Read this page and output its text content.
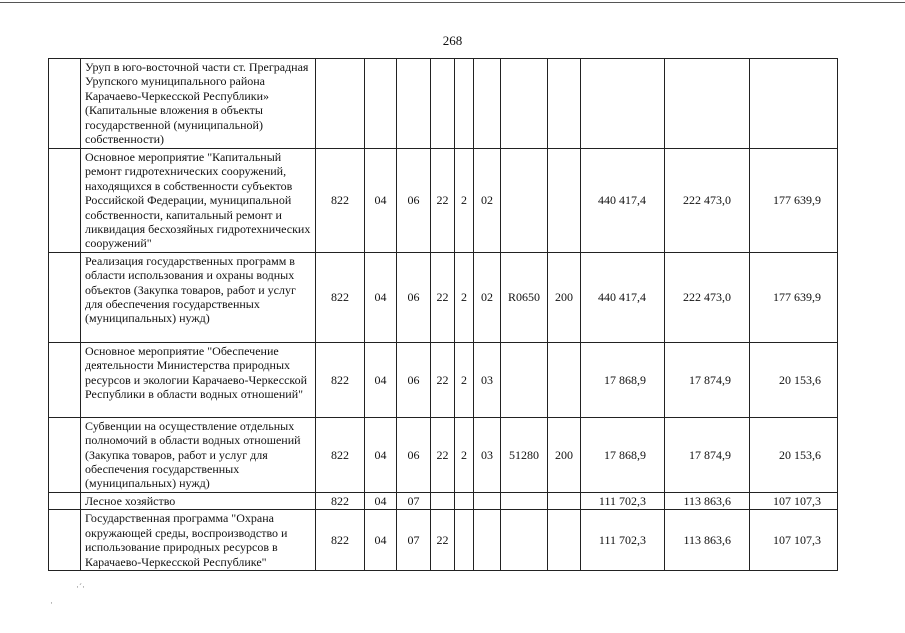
268
	Уруп в юго-восточной части ст. Преградная Урупского муниципального района Карачаево-Черкесской Республики» (Капитальные вложения в объекты государственной (муниципальной) собственности)											
	Основное мероприятие "Капитальный ремонт гидротехнических сооружений, находящихся в собственности субъектов Российской Федерации, муниципальной собственности, капитальный ремонт и ликвидация бесхозяйных гидротехнических сооружений"	822	04	06	22	2	02			440 417,4	222 473,0	177 639,9
	Реализация государственных программ в области использования и охраны водных объектов (Закупка товаров, работ и услуг для обеспечения государственных (муниципальных) нужд)	822	04	06	22	2	02	R0650	200	440 417,4	222 473,0	177 639,9
	Основное мероприятие "Обеспечение деятельности Министерства природных ресурсов и экологии Карачаево-Черкесской Республики в области водных отношений"	822	04	06	22	2	03			17 868,9	17 874,9	20 153,6
	Субвенции на осуществление отдельных полномочий в области водных отношений (Закупка товаров, работ и услуг для обеспечения государственных (муниципальных) нужд)	822	04	06	22	2	03	51280	200	17 868,9	17 874,9	20 153,6
	Лесное хозяйство	822	04	07						111 702,3	113 863,6	107 107,3
	Государственная программа "Охрана окружающей среды, воспроизводство и использование природных ресурсов в Карачаево-Черкесской Республике"	822	04	07	22					111 702,3	113 863,6	107 107,3
·´·
·
